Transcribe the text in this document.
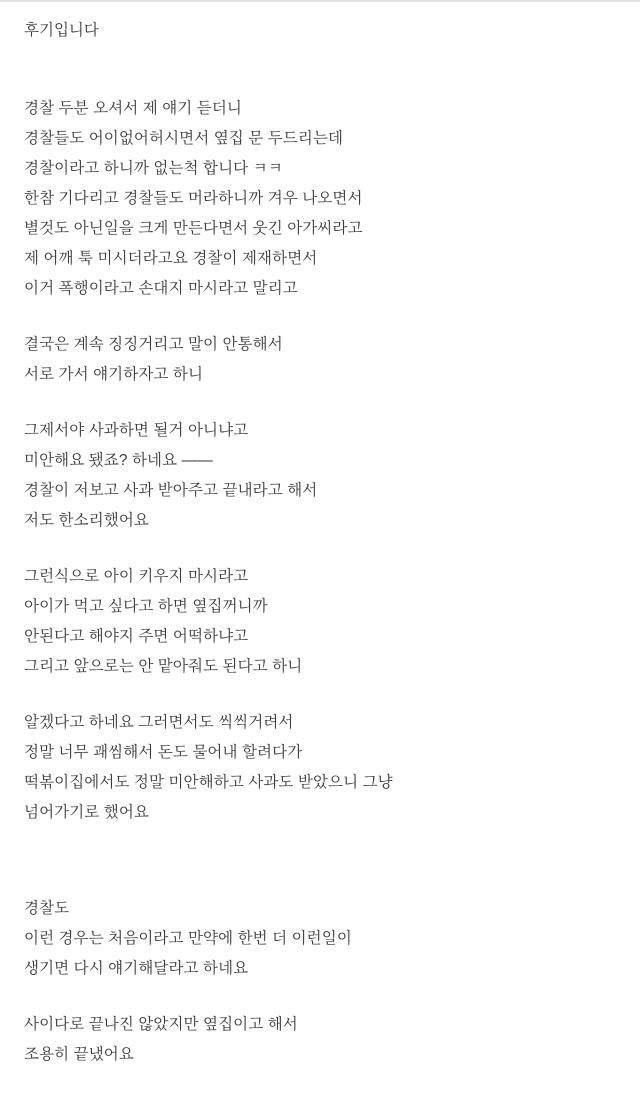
후기입니다
경찰 두분 오셔서 제 얘기 듣더니
경찰들도 어이없어허시면서 옆집 문 두드리는데
경찰이라고 하니까 없는척 합니다 ㅋㅋ
한참 기다리고 경찰들도 머라하니까 겨우 나오면서
별것도 아닌일을 크게 만든다면서 웃긴 아가씨라고
제 어깨 툭 미시더라고요 경찰이 제재하면서
이거 폭행이라고 손대지 마시라고 말리고
결국은 계속 징징거리고 말이 안통해서
서로 가서 얘기하자고 하니
그제서야 사과하면 될거 아니냐고
미안해요 됐죠? 하네요 ——
경찰이 저보고 사과 받아주고 끝내라고 해서
저도 한소리했어요
그런식으로 아이 키우지 마시라고
아이가 먹고 싶다고 하면 옆집꺼니까
안된다고 해야지 주면 어떡하냐고
그리고 앞으로는 안 맡아줘도 된다고 하니
알겠다고 하네요 그러면서도 씩씩거려서
정말 너무 괘씸해서 돈도 물어내 할려다가
떡볶이집에서도 정말 미안해하고 사과도 받았으니 그냥
넘어가기로 했어요
경찰도
이런 경우는 처음이라고 만약에 한번 더 이런일이
생기면 다시 얘기해달라고 하네요
사이다로 끝나진 않았지만 옆집이고 해서
조용히 끝냈어요
